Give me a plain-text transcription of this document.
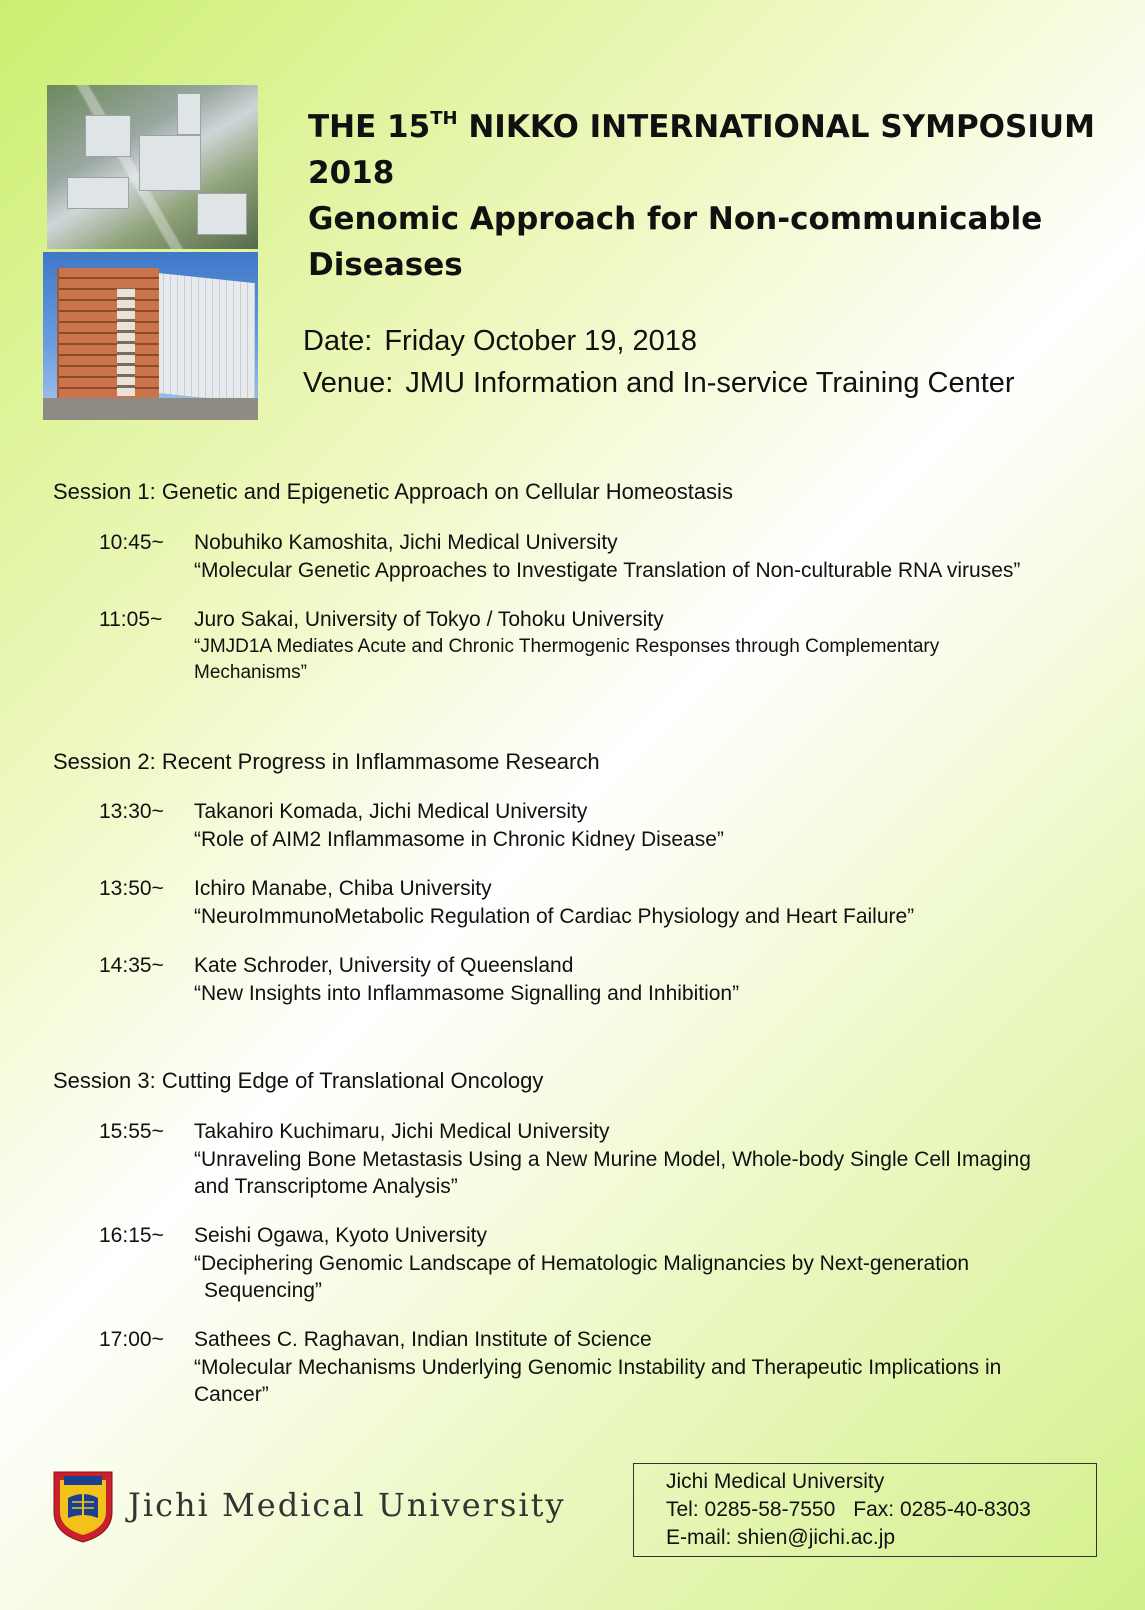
THE 15TH NIKKO INTERNATIONAL SYMPOSIUM
2018
Genomic Approach for Non-communicable
Diseases
Date: Friday October 19, 2018
Venue: JMU Information and In-service Training Center
Session 1: Genetic and Epigenetic Approach on Cellular Homeostasis
10:45~ Nobuhiko Kamoshita, Jichi Medical University
“Molecular Genetic Approaches to Investigate Translation of Non-culturable RNA viruses”
11:05~ Juro Sakai, University of Tokyo / Tohoku University
“JMJD1A Mediates Acute and Chronic Thermogenic Responses through Complementary
Mechanisms”
Session 2: Recent Progress in Inflammasome Research
13:30~ Takanori Komada, Jichi Medical University
“Role of AIM2 Inflammasome in Chronic Kidney Disease”
13:50~ Ichiro Manabe, Chiba University
“NeuroImmunoMetabolic Regulation of Cardiac Physiology and Heart Failure”
14:35~ Kate Schroder, University of Queensland
“New Insights into Inflammasome Signalling and Inhibition”
Session 3: Cutting Edge of Translational Oncology
15:55~ Takahiro Kuchimaru, Jichi Medical University
“Unraveling Bone Metastasis Using a New Murine Model, Whole-body Single Cell Imaging
and Transcriptome Analysis”
16:15~ Seishi Ogawa, Kyoto University
“Deciphering Genomic Landscape of Hematologic Malignancies by Next-generation
Sequencing”
17:00~ Sathees C. Raghavan, Indian Institute of Science
“Molecular Mechanisms Underlying Genomic Instability and Therapeutic Implications in
Cancer”
Jichi Medical University
Jichi Medical University
Tel: 0285-58-7550 Fax: 0285-40-8303
E-mail: shien@jichi.ac.jp
